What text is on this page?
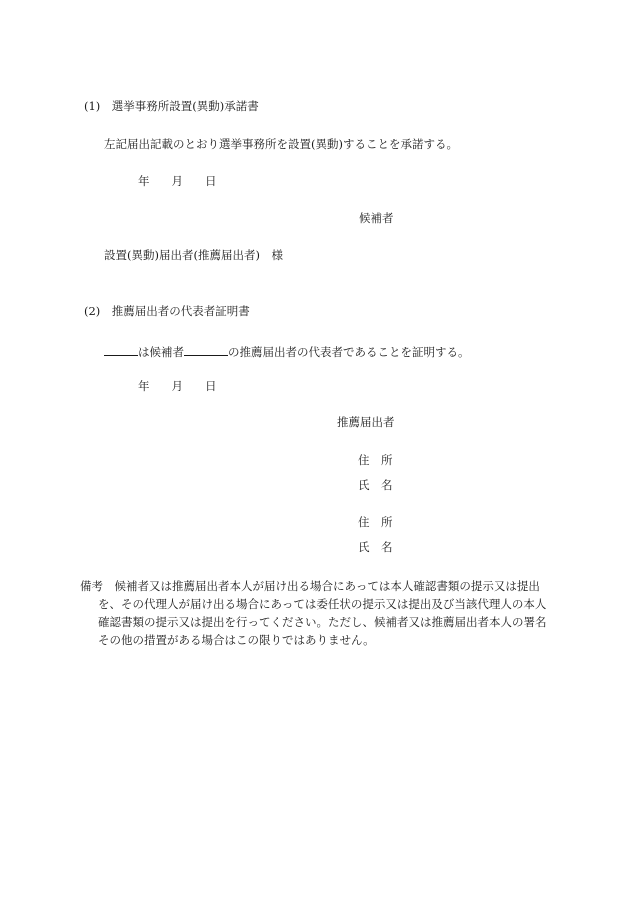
(1)　選挙事務所設置(異動)承諾書
左記届出記載のとおり選挙事務所を設置(異動)することを承諾する。
年 月 日
候補者
設置(異動)届出者(推薦届出者)　様
(2)　推薦届出者の代表者証明書
は候補者	の推薦届出者の代表者であることを証明する。
年 月 日
推薦届出者
住　所
氏　名
住　所
氏　名
備考　候補者又は推薦届出者本人が届け出る場合にあっては本人確認書類の提示又は提出
を、その代理人が届け出る場合にあっては委任状の提示又は提出及び当該代理人の本人
確認書類の提示又は提出を行ってください。ただし、候補者又は推薦届出者本人の署名
その他の措置がある場合はこの限りではありません。
